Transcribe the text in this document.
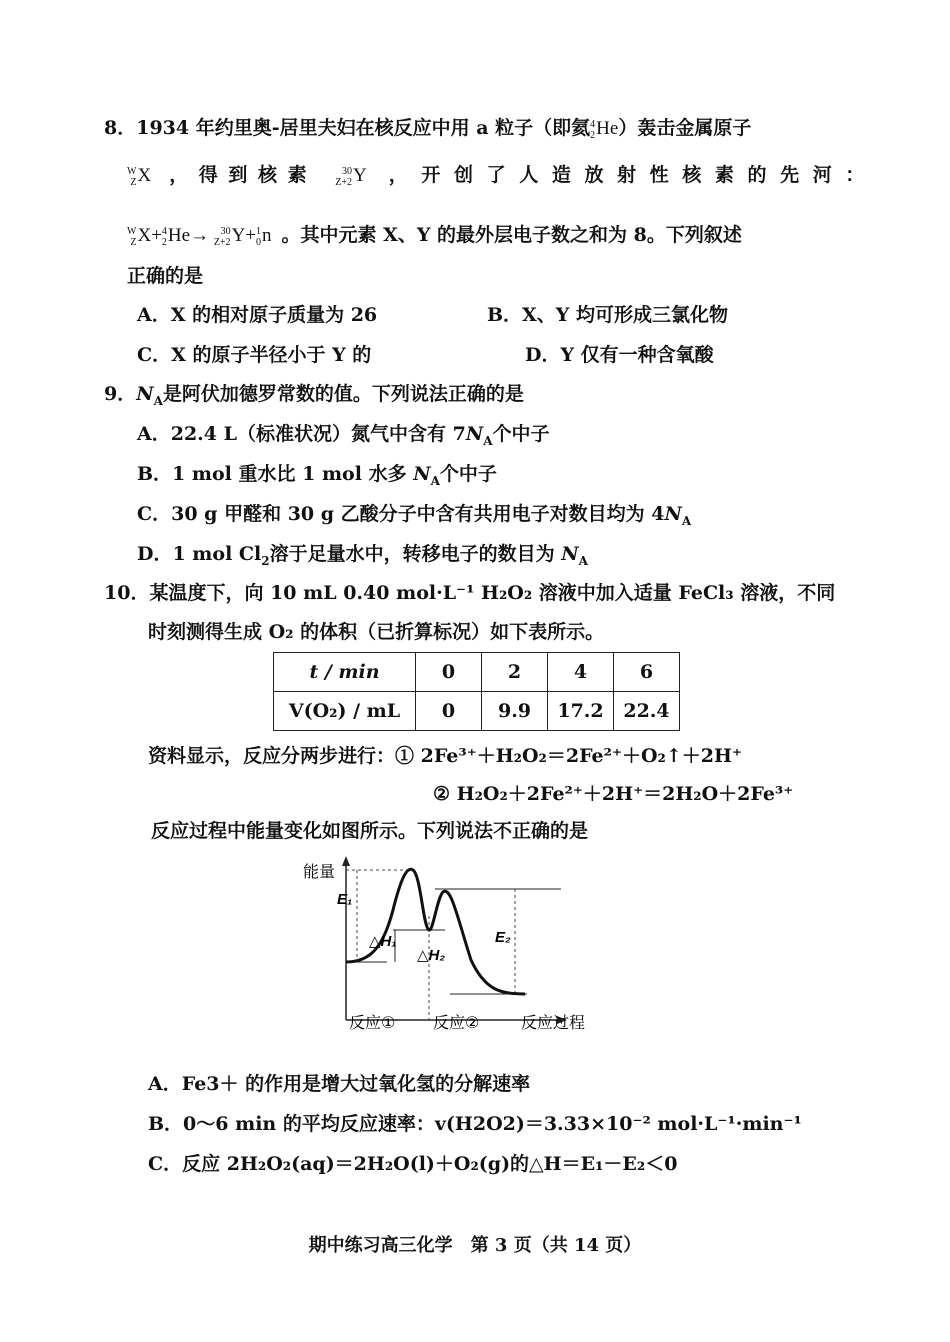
8．1934 年约里奥-居里夫妇在核反应中用 a 粒子（即氦 4
2 He）轰击金属原子
W
Z X ， 得 到 核 素	30
Z+2 Y ， 开 创 了 人 造 放 射 性 核 素 的 先 河 ：
W
Z X+ 4
2 He→	30
Z+2 Y+ 1
0 n 。其中元素 X、Y 的最外层电子数之和为 8。下列叙述
正确的是
A．X 的相对原子质量为 26	B．X、Y 均可形成三氯化物
C．X 的原子半径小于 Y 的	D．Y 仅有一种含氧酸
9．$N_A$是阿伏加德罗常数的值。下列说法正确的是
A．22.4 L（标准状况）氮气中含有 $7N_A$个中子
B．1 mol 重水比 1 mol 水多 $N_A$个中子
C．30 g 甲醛和 30 g 乙酸分子中含有共用电子对数目均为 $4N_A$
D．1 mol $Cl_2$溶于足量水中，转移电子的数目为 $N_A$
10．某温度下，向 10 mL 0.40 mol·L⁻¹ H₂O₂ 溶液中加入适量 FeCl₃ 溶液，不同
时刻测得生成 O₂ 的体积（已折算标况）如下表所示。
t / min	0	2	4	6
V(O₂) / mL	0	9.9	17.2	22.4
资料显示，反应分两步进行：① 2Fe³⁺＋H₂O₂＝2Fe²⁺＋O₂↑＋2H⁺
② H₂O₂＋2Fe²⁺＋2H⁺＝2H₂O＋2Fe³⁺
反应过程中能量变化如图所示。下列说法不正确的是
能量
E₁
△H₁
△H₂
E₂
反应① 反应②	反应过程
A．Fe3＋ 的作用是增大过氧化氢的分解速率
B．0～6 min 的平均反应速率：v(H2O2)＝3.33×10⁻² mol·L⁻¹·min⁻¹
C．反应 2H₂O₂(aq)＝2H₂O(l)＋O₂(g)的△H＝E₁－E₂＜0
期中练习高三化学　第 3 页（共 14 页）
